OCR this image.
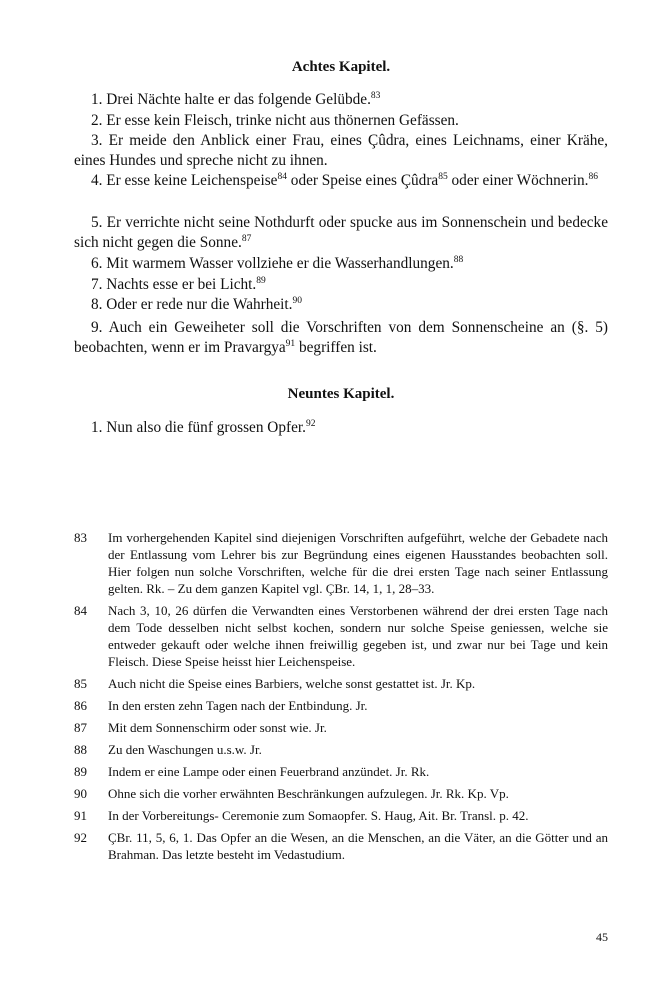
Achtes Kapitel.

1. Drei Nächte halte er das folgende Gelübde.$^{83}$

2. Er esse kein Fleisch, trinke nicht aus thönernen Gefässen.

3. Er meide den Anblick einer Frau, eines Çûdra, eines Leichnams, einer Krähe, eines Hundes und spreche nicht zu ihnen.

4. Er esse keine Leichenspeise$^{84}$ oder Speise eines Çûdra$^{85}$ oder einer Wöchnerin.$^{86}$

5. Er verrichte nicht seine Nothdurft oder spucke aus im Sonnenschein und bedecke sich nicht gegen die Sonne.$^{87}$

6. Mit warmem Wasser vollziehe er die Wasserhandlungen.$^{88}$

7. Nachts esse er bei Licht.$^{89}$

8. Oder er rede nur die Wahrheit.$^{90}$

9. Auch ein Geweiheter soll die Vorschriften von dem Sonnenscheine an (§. 5) beobachten, wenn er im Pravargya$^{91}$ begriffen ist.

Neuntes Kapitel.

1. Nun also die fünf grossen Opfer.$^{92}$

83	Im vorhergehenden Kapitel sind diejenigen Vorschriften aufgeführt, welche der Gebadete nach der Entlassung vom Lehrer bis zur Begründung eines eigenen Hausstandes beobachten soll. Hier folgen nun solche Vorschriften, welche für die drei ersten Tage nach seiner Entlassung gelten. Rk. – Zu dem ganzen Kapitel vgl. ÇBr. 14, 1, 1, 28–33.
84	Nach 3, 10, 26 dürfen die Verwandten eines Verstorbenen während der drei ersten Tage nach dem Tode desselben nicht selbst kochen, sondern nur solche Speise geniessen, welche sie entweder gekauft oder welche ihnen freiwillig gegeben ist, und zwar nur bei Tage und kein Fleisch. Diese Speise heisst hier Leichenspeise.
85	Auch nicht die Speise eines Barbiers, welche sonst gestattet ist. Jr. Kp.
86	In den ersten zehn Tagen nach der Entbindung. Jr.
87	Mit dem Sonnenschirm oder sonst wie. Jr.
88	Zu den Waschungen u.s.w. Jr.
89	Indem er eine Lampe oder einen Feuerbrand anzündet. Jr. Rk.
90	Ohne sich die vorher erwähnten Beschränkungen aufzulegen. Jr. Rk. Kp. Vp.
91	In der Vorbereitungs- Ceremonie zum Somaopfer. S. Haug, Ait. Br. Transl. p. 42.
92	ÇBr. 11, 5, 6, 1. Das Opfer an die Wesen, an die Menschen, an die Väter, an die Götter und an Brahman. Das letzte besteht im Vedastudium.
45
